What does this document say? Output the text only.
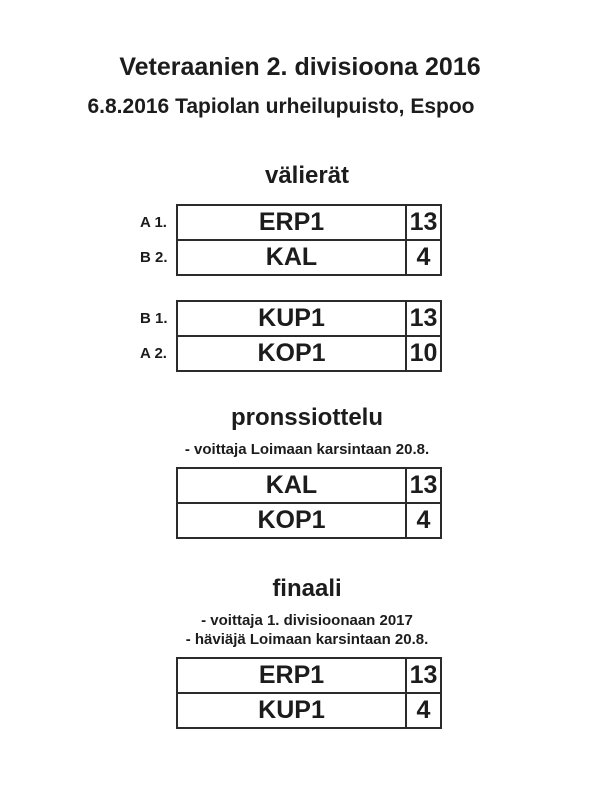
Veteraanien 2. divisioona 2016
6.8.2016 Tapiolan urheilupuisto, Espoo
välierät
A 1.	ERP1	13
B 2.	KAL	4
B 1.	KUP1	13
A 2.	KOP1	10
pronssiottelu

- voittaja Loimaan karsintaan 20.8.

KAL	13
KOP1	4
finaali

- voittaja 1. divisioonaan 2017

- häviäjä Loimaan karsintaan 20.8.

ERP1	13
KUP1	4
